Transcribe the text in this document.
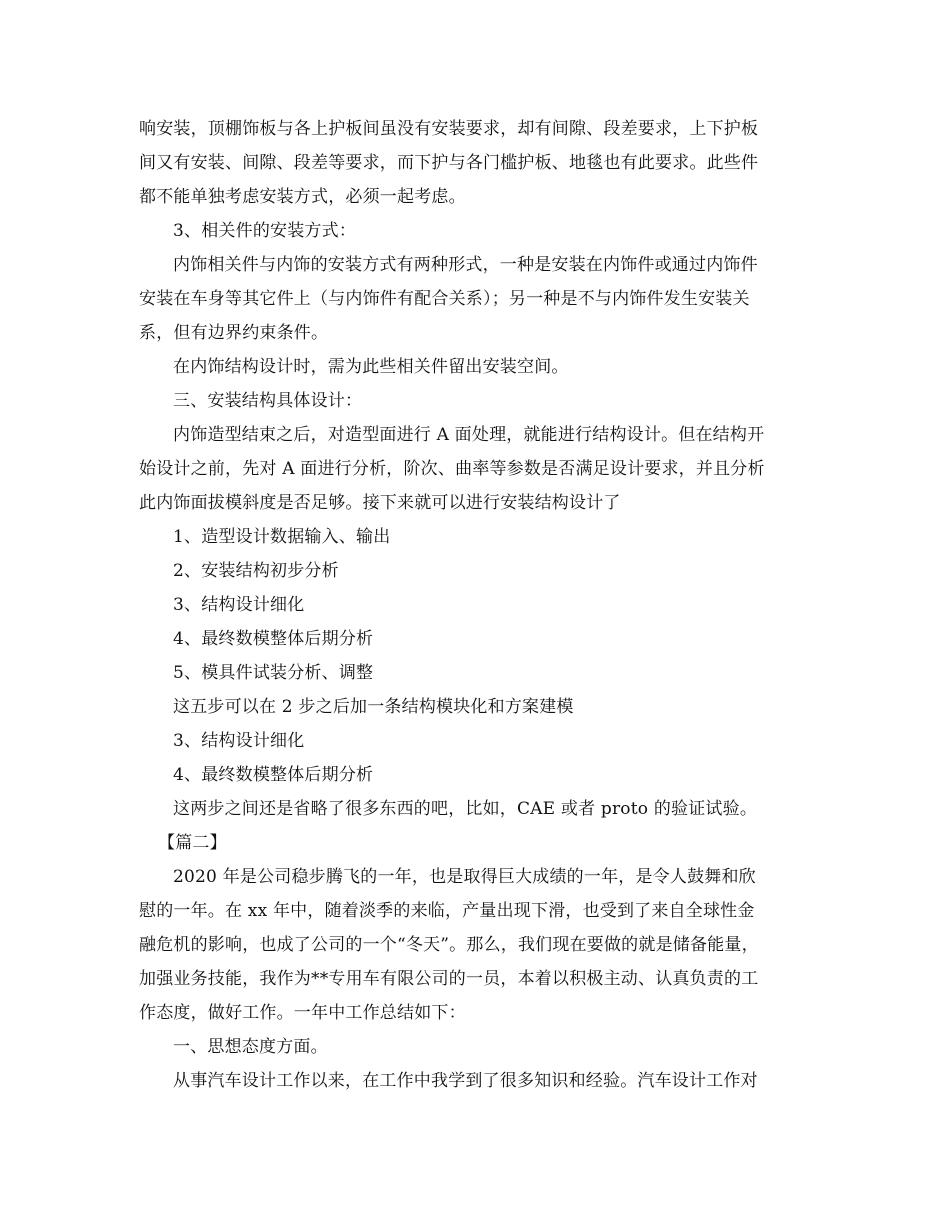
响安装，顶棚饰板与各上护板间虽没有安装要求，却有间隙、段差要求，上下护板
间又有安装、间隙、段差等要求，而下护与各门槛护板、地毯也有此要求。此些件
都不能单独考虑安装方式，必须一起考虑。
3、相关件的安装方式：
内饰相关件与内饰的安装方式有两种形式，一种是安装在内饰件或通过内饰件
安装在车身等其它件上（与内饰件有配合关系）；另一种是不与内饰件发生安装关
系，但有边界约束条件。
在内饰结构设计时，需为此些相关件留出安装空间。
三、安装结构具体设计：
内饰造型结束之后，对造型面进行 A 面处理，就能进行结构设计。但在结构开
始设计之前，先对 A 面进行分析，阶次、曲率等参数是否满足设计要求，并且分析
此内饰面拔模斜度是否足够。接下来就可以进行安装结构设计了
1、造型设计数据输入、输出
2、安装结构初步分析
3、结构设计细化
4、最终数模整体后期分析
5、模具件试装分析、调整
这五步可以在 2 步之后加一条结构模块化和方案建模
3、结构设计细化
4、最终数模整体后期分析
这两步之间还是省略了很多东西的吧，比如，CAE 或者 proto 的验证试验。
【篇二】
2020 年是公司稳步腾飞的一年，也是取得巨大成绩的一年，是令人鼓舞和欣
慰的一年。在 xx 年中，随着淡季的来临，产量出现下滑，也受到了来自全球性金
融危机的影响，也成了公司的一个“冬天”。那么，我们现在要做的就是储备能量，
加强业务技能，我作为**专用车有限公司的一员，本着以积极主动、认真负责的工
作态度，做好工作。一年中工作总结如下：
一、思想态度方面。
从事汽车设计工作以来，在工作中我学到了很多知识和经验。汽车设计工作对
